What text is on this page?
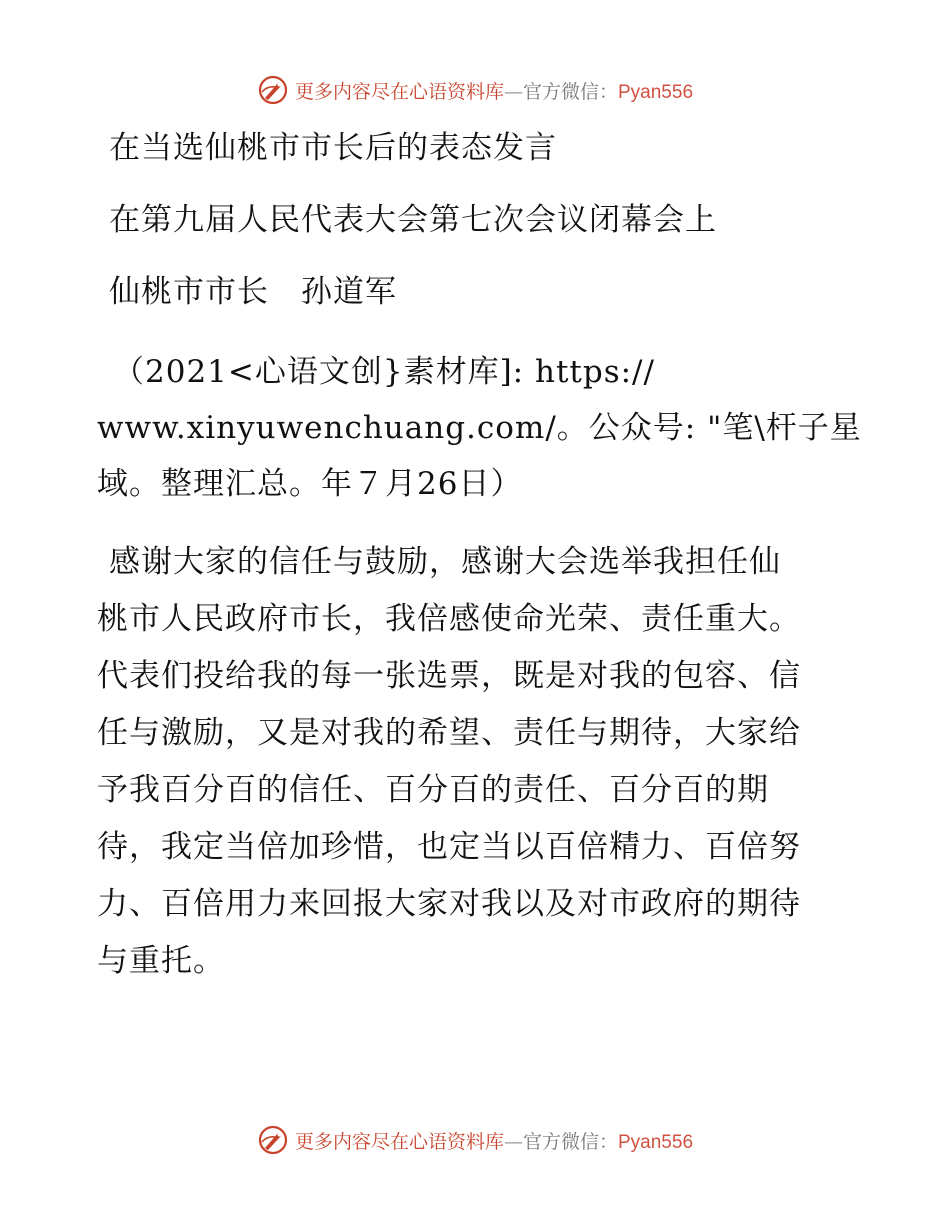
更多内容尽在心语资料库—官方微信：Pyan556
在当选仙桃市市长后的表态发言
在第九届人民代表大会第七次会议闭幕会上
仙桃市市长　孙道军
（2021<心语文创}素材库]: https://
www.xinyuwenchuang.com/。公众号: "笔\杆子星
域。整理汇总。年７月26日）
感谢大家的信任与鼓励，感谢大会选举我担任仙
桃市人民政府市长，我倍感使命光荣、责任重大。
代表们投给我的每一张选票，既是对我的包容、信
任与激励，又是对我的希望、责任与期待，大家给
予我百分百的信任、百分百的责任、百分百的期
待，我定当倍加珍惜，也定当以百倍精力、百倍努
力、百倍用力来回报大家对我以及对市政府的期待
与重托。
更多内容尽在心语资料库—官方微信：Pyan556
